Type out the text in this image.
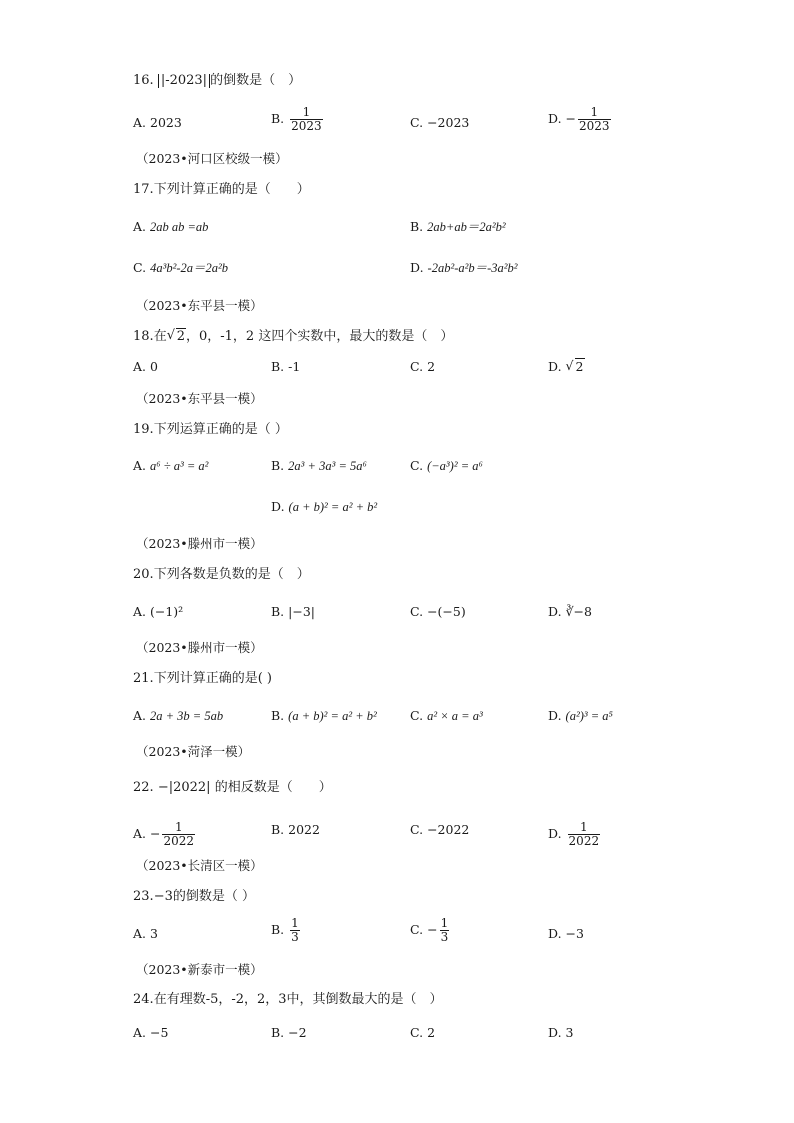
16. |-2023| 的倒数是（　）
A. 2023	B. $\frac{1}{2023}$	C. −2023	D. − $\frac{1}{2023}$
（2023•河口区校级一模）
17.下列计算正确的是（　　）
A. 2ab ab =ab	B. 2ab+ab＝2a²b²
C. 4a³b²-2a＝2a²b	D. -2ab²-a²b＝-3a²b²
（2023•东平县一模）
18.在 √ 2，0，-1，2 这四个实数中，最大的数是（　）
A. 0	B. -1	C. 2	D. √ 2
（2023•东平县一模）
19.下列运算正确的是（ ）
A. a⁶ ÷ a³ = a²	B. 2a³ + 3a³ = 5a⁶	C. (−a³)² = a⁶
D. (a + b)² = a² + b²
（2023•滕州市一模）
20.下列各数是负数的是（　）
A. (−1)²	B. |−3|	C. −(−5)	D. ∛−8
（2023•滕州市一模）
21.下列计算正确的是( )
A. 2a + 3b = 5ab	B. (a + b)² = a² + b²	C. a² × a = a³	D. (a²)³ = a⁵
（2023•菏泽一模）
22. −|2022| 的相反数是（　　）
A. − $\frac{1}{2022}$	B. 2022	C. −2022	D. $\frac{1}{2022}$
（2023•长清区一模）
23.−3的倒数是（ ）
A. 3	B. $\frac{1}{3}$	C. − $\frac{1}{3}$	D. −3
（2023•新泰市一模）
24.在有理数-5，-2，2，3中，其倒数最大的是（　）
A. −5	B. −2	C. 2	D. 3
